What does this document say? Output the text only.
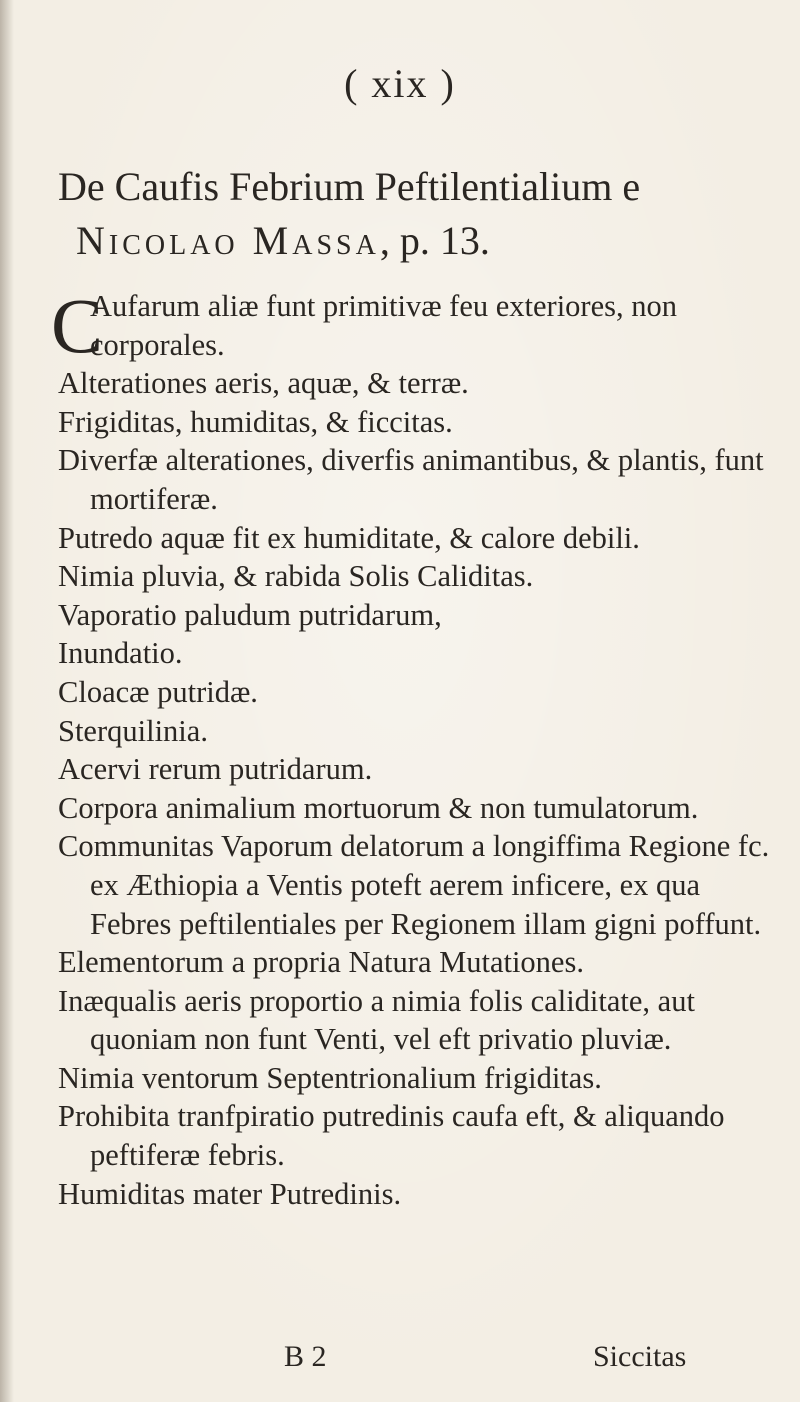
( xix )
De Caufis Febrium Peftilentialium e
Nicolao Massa, p. 13.

C
Aufarum aliæ funt primitivæ feu exteriores, non corporales.

Alterationes aeris, aquæ, & terræ.

Frigiditas, humiditas, & ficcitas.

Diverfæ alterationes, diverfis animantibus, & plantis, funt mortiferæ.

Putredo aquæ fit ex humiditate, & calore debili.

Nimia pluvia, & rabida Solis Caliditas.

Vaporatio paludum putridarum,

Inundatio.

Cloacæ putridæ.

Sterquilinia.

Acervi rerum putridarum.

Corpora animalium mortuorum & non tumulatorum.

Communitas Vaporum delatorum a longiffima Regione fc. ex Æthiopia a Ventis poteft aerem inficere, ex qua Febres peftilentiales per Regionem illam gigni poffunt.

Elementorum a propria Natura Mutationes.

Inæqualis aeris proportio a nimia folis caliditate, aut quoniam non funt Venti, vel eft privatio pluviæ.

Nimia ventorum Septentrionalium frigiditas.

Prohibita tranfpiratio putredinis caufa eft, & aliquando peftiferæ febris.

Humiditas mater Putredinis.

B 2	Siccitas
